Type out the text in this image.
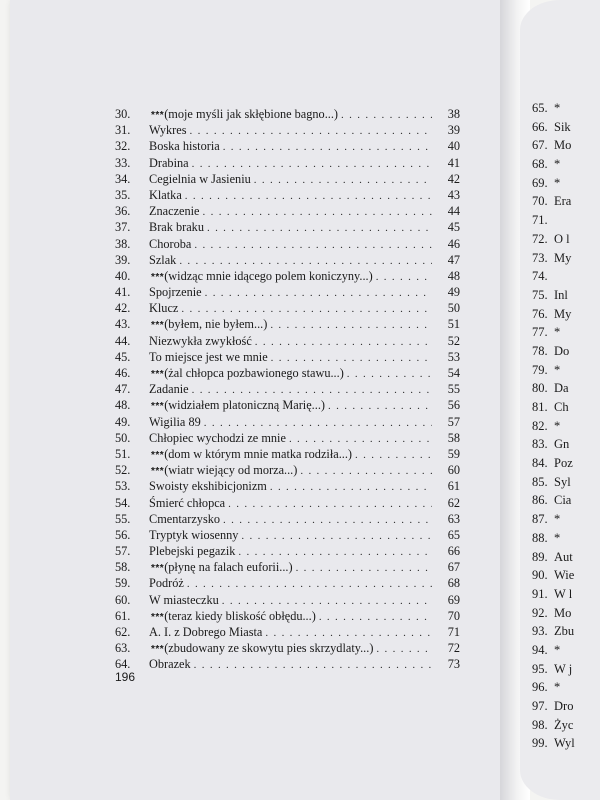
65. *
66. Sik
67. Mo
68. *
69. *
70. Era
71.
72. O l
73. My
74.
75. Inl
76. My
77. *
78. Do
79. *
80. Da
81. Ch
82. *
83. Gn
84. Poz
85. Syl
86. Cia
87. *
88. *
89. Aut
90. Wie
91. W l
92. Mo
93. Zbu
94. *
95. W j
96. *
97. Dro
98. Życ
99. Wyl
30.	***(moje myśli jak skłębione bagno...) . . .	38
31.	Wykres . . .	39
32.	Boska historia . . .	40
33.	Drabina . . .	41
34.	Cegielnia w Jasieniu . . .	42
35.	Klatka . . .	43
36.	Znaczenie . . .	44
37.	Brak braku . . .	45
38.	Choroba . . .	46
39.	Szlak . . .	47
40.	***(widząc mnie idącego polem koniczyny...) . . .	48
41.	Spojrzenie . . .	49
42.	Klucz . . .	50
43.	***(byłem, nie byłem...) . . .	51
44.	Niezwykła zwykłość . . .	52
45.	To miejsce jest we mnie . . .	53
46.	***(żal chłopca pozbawionego stawu...) . . .	54
47.	Zadanie . . .	55
48.	***(widziałem platoniczną Marię...) . . .	56
49.	Wigilia 89 . . .	57
50.	Chłopiec wychodzi ze mnie . . .	58
51.	***(dom w którym mnie matka rodziła...) . . .	59
52.	***(wiatr wiejący od morza...) . . .	60
53.	Swoisty ekshibicjonizm . . .	61
54.	Śmierć chłopca . . .	62
55.	Cmentarzysko . . .	63
56.	Tryptyk wiosenny . . .	65
57.	Plebejski pegazik . . .	66
58.	***(płynę na falach euforii...) . . .	67
59.	Podróż . . .	68
60.	W miasteczku . . .	69
61.	***(teraz kiedy bliskość obłędu...) . . .	70
62.	A. I. z Dobrego Miasta . . .	71
63.	***(zbudowany ze skowytu pies skrzydlaty...) . . .	72
64.	Obrazek . . .	73
196
